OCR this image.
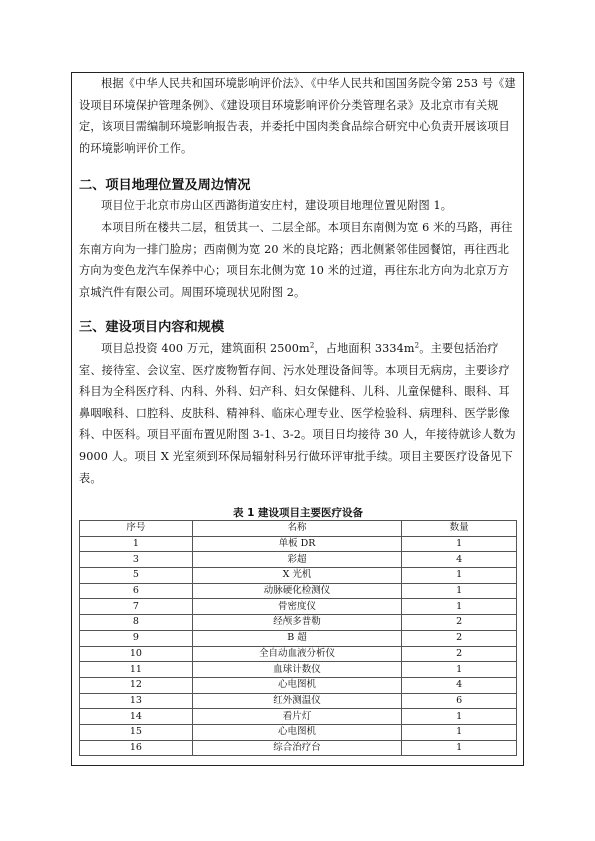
根据《中华人民共和国环境影响评价法》、《中华人民共和国国务院令第 253 号《建设项目环境保护管理条例》、《建设项目环境影响评价分类管理名录》及北京市有关规定，该项目需编制环境影响报告表，并委托中国肉类食品综合研究中心负责开展该项目的环境影响评价工作。

二、项目地理位置及周边情况

项目位于北京市房山区西潞街道安庄村，建设项目地理位置见附图 1。

本项目所在楼共二层，租赁其一、二层全部。本项目东南侧为宽 6 米的马路，再往东南方向为一排门脸房；西南侧为宽 20 米的良坨路；西北侧紧邻佳园餐馆，再往西北方向为变色龙汽车保养中心；项目东北侧为宽 10 米的过道，再往东北方向为北京万方京城汽件有限公司。周围环境现状见附图 2。

三、建设项目内容和规模

项目总投资 400 万元，建筑面积 $2500m^2$，占地面积 $3334m^2$。主要包括治疗室、接待室、会议室、医疗废物暂存间、污水处理设备间等。本项目无病房，主要诊疗科目为全科医疗科、内科、外科、妇产科、妇女保健科、儿科、儿童保健科、眼科、耳鼻咽喉科、口腔科、皮肤科、精神科、临床心理专业、医学检验科、病理科、医学影像科、中医科。项目平面布置见附图 3-1、3-2。项目日均接待 30 人，年接待就诊人数为 9000 人。项目 X 光室须到环保局辐射科另行做环评审批手续。项目主要医疗设备见下表。

表 1 建设项目主要医疗设备
序号	名称	数量
1	单板 DR	1
3	彩超	4
5	X 光机	1
6	动脉硬化检测仪	1
7	骨密度仪	1
8	经颅多普勒	2
9	B 超	2
10	全自动血液分析仪	2
11	血球计数仪	1
12	心电图机	4
13	红外测温仪	6
14	看片灯	1
15	心电图机	1
16	综合治疗台	1
